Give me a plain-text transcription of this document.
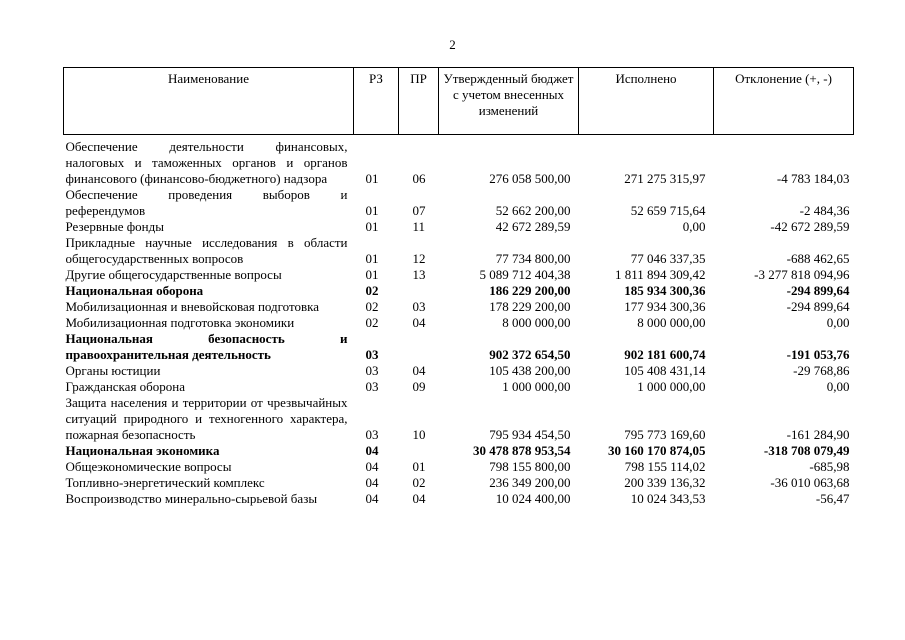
2
Наименование	РЗ	ПР	Утвержденный бюджет с учетом внесенных изменений	Исполнено	Отклонение (+, -)
Обеспечение деятельности финансовых, налоговых и таможенных органов и органов финансового (финансово-бюджетного) надзора	01	06	276 058 500,00	271 275 315,97	-4 783 184,03
Обеспечение проведения выборов и референдумов	01	07	52 662 200,00	52 659 715,64	-2 484,36
Резервные фонды	01	11	42 672 289,59	0,00	-42 672 289,59
Прикладные научные исследования в области общегосударственных вопросов	01	12	77 734 800,00	77 046 337,35	-688 462,65
Другие общегосударственные вопросы	01	13	5 089 712 404,38	1 811 894 309,42	-3 277 818 094,96
Национальная оборона	02		186 229 200,00	185 934 300,36	-294 899,64
Мобилизационная и вневойсковая подготовка	02	03	178 229 200,00	177 934 300,36	-294 899,64
Мобилизационная подготовка экономики	02	04	8 000 000,00	8 000 000,00	0,00
Национальная безопасность и правоохранительная деятельность	03		902 372 654,50	902 181 600,74	-191 053,76
Органы юстиции	03	04	105 438 200,00	105 408 431,14	-29 768,86
Гражданская оборона	03	09	1 000 000,00	1 000 000,00	0,00
Защита населения и территории от чрезвычайных ситуаций природного и техногенного характера, пожарная безопасность	03	10	795 934 454,50	795 773 169,60	-161 284,90
Национальная экономика	04		30 478 878 953,54	30 160 170 874,05	-318 708 079,49
Общеэкономические вопросы	04	01	798 155 800,00	798 155 114,02	-685,98
Топливно-энергетический комплекс	04	02	236 349 200,00	200 339 136,32	-36 010 063,68
Воспроизводство минерально-сырьевой базы	04	04	10 024 400,00	10 024 343,53	-56,47
